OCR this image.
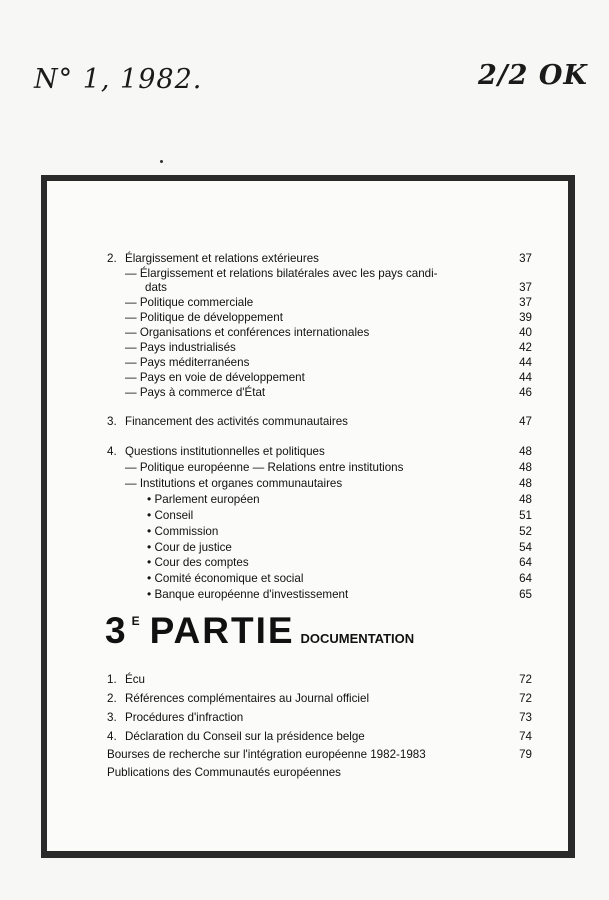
N° 1, 1982.	2/2 OK
2. Élargissement et relations extérieures	37
— Élargissement et relations bilatérales avec les pays candi-
dats	37
— Politique commerciale	37
— Politique de développement	39
— Organisations et conférences internationales	40
— Pays industrialisés	42
— Pays méditerranéens	44
— Pays en voie de développement	44
— Pays à commerce d'État	46
3. Financement des activités communautaires	47
4. Questions institutionnelles et politiques	48
— Politique européenne — Relations entre institutions	48
— Institutions et organes communautaires	48
• Parlement européen	48
• Conseil	51
• Commission	52
• Cour de justice	54
• Cour des comptes	64
• Comité économique et social	64
• Banque européenne d'investissement	65
3 E PARTIE DOCUMENTATION
1. Écu	72
2. Références complémentaires au Journal officiel	72
3. Procédures d'infraction	73
4. Déclaration du Conseil sur la présidence belge	74
Bourses de recherche sur l'intégration européenne 1982-1983	79
Publications des Communautés européennes
